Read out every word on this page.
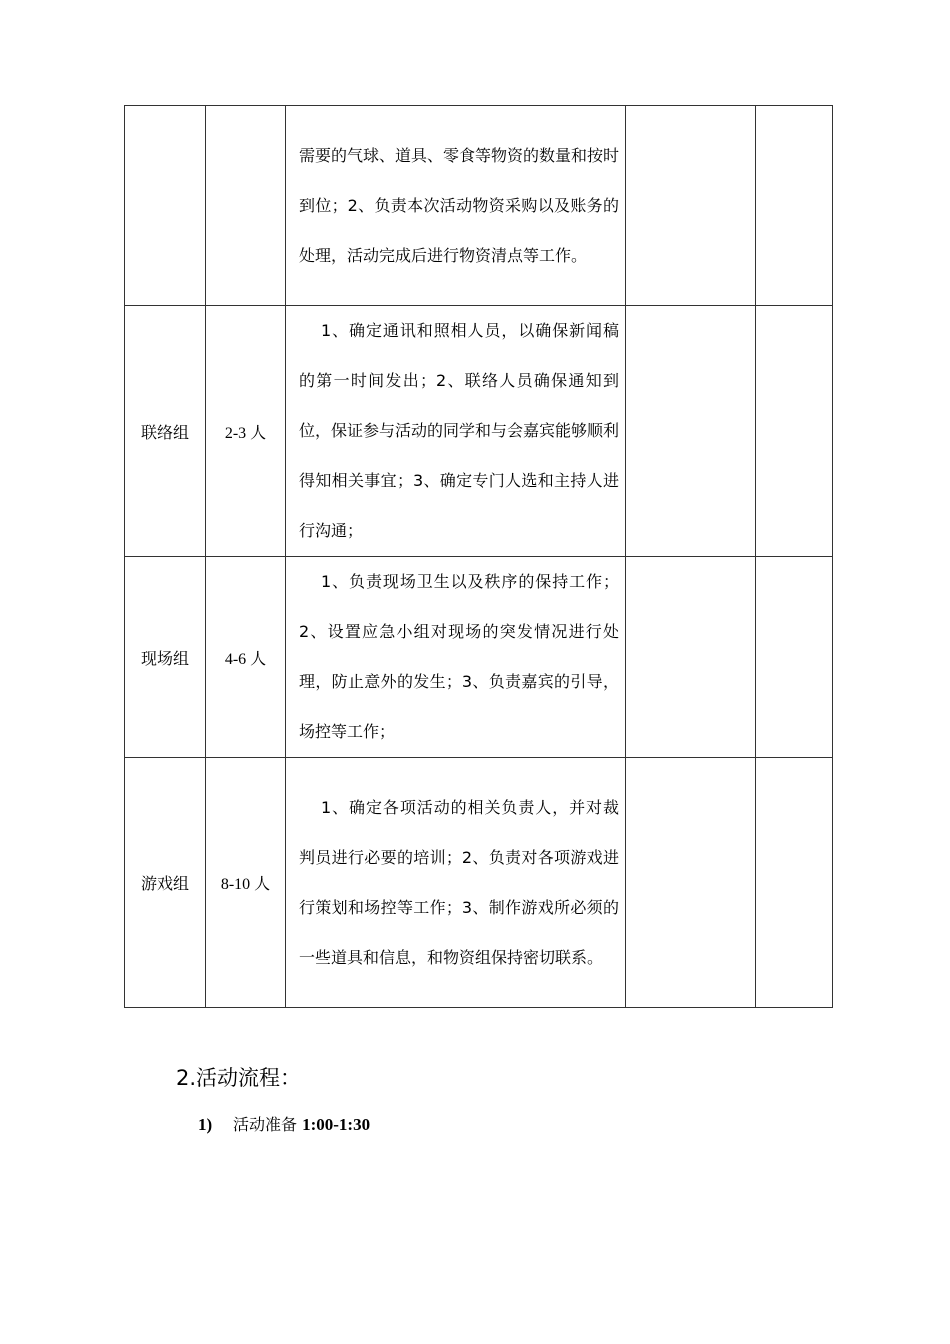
		需要的气球、道具、零食等物资的数量和按时到位；2、负责本次活动物资采购以及账务的处理，活动完成后进行物资清点等工作。		

联络组	2-3 人	1、确定通讯和照相人员，以确保新闻稿的第一时间发出；2、联络人员确保通知到位，保证参与活动的同学和与会嘉宾能够顺利得知相关事宜；3、确定专门人选和主持人进行沟通；		

现场组	4-6 人	1、负责现场卫生以及秩序的保持工作；2、设置应急小组对现场的突发情况进行处理，防止意外的发生；3、负责嘉宾的引导，场控等工作；		

游戏组	8-10 人	1、确定各项活动的相关负责人，并对裁判员进行必要的培训；2、负责对各项游戏进行策划和场控等工作；3、制作游戏所必须的一些道具和信息，和物资组保持密切联系。		

2.活动流程：
1) 活动准备 1:00-1:30
